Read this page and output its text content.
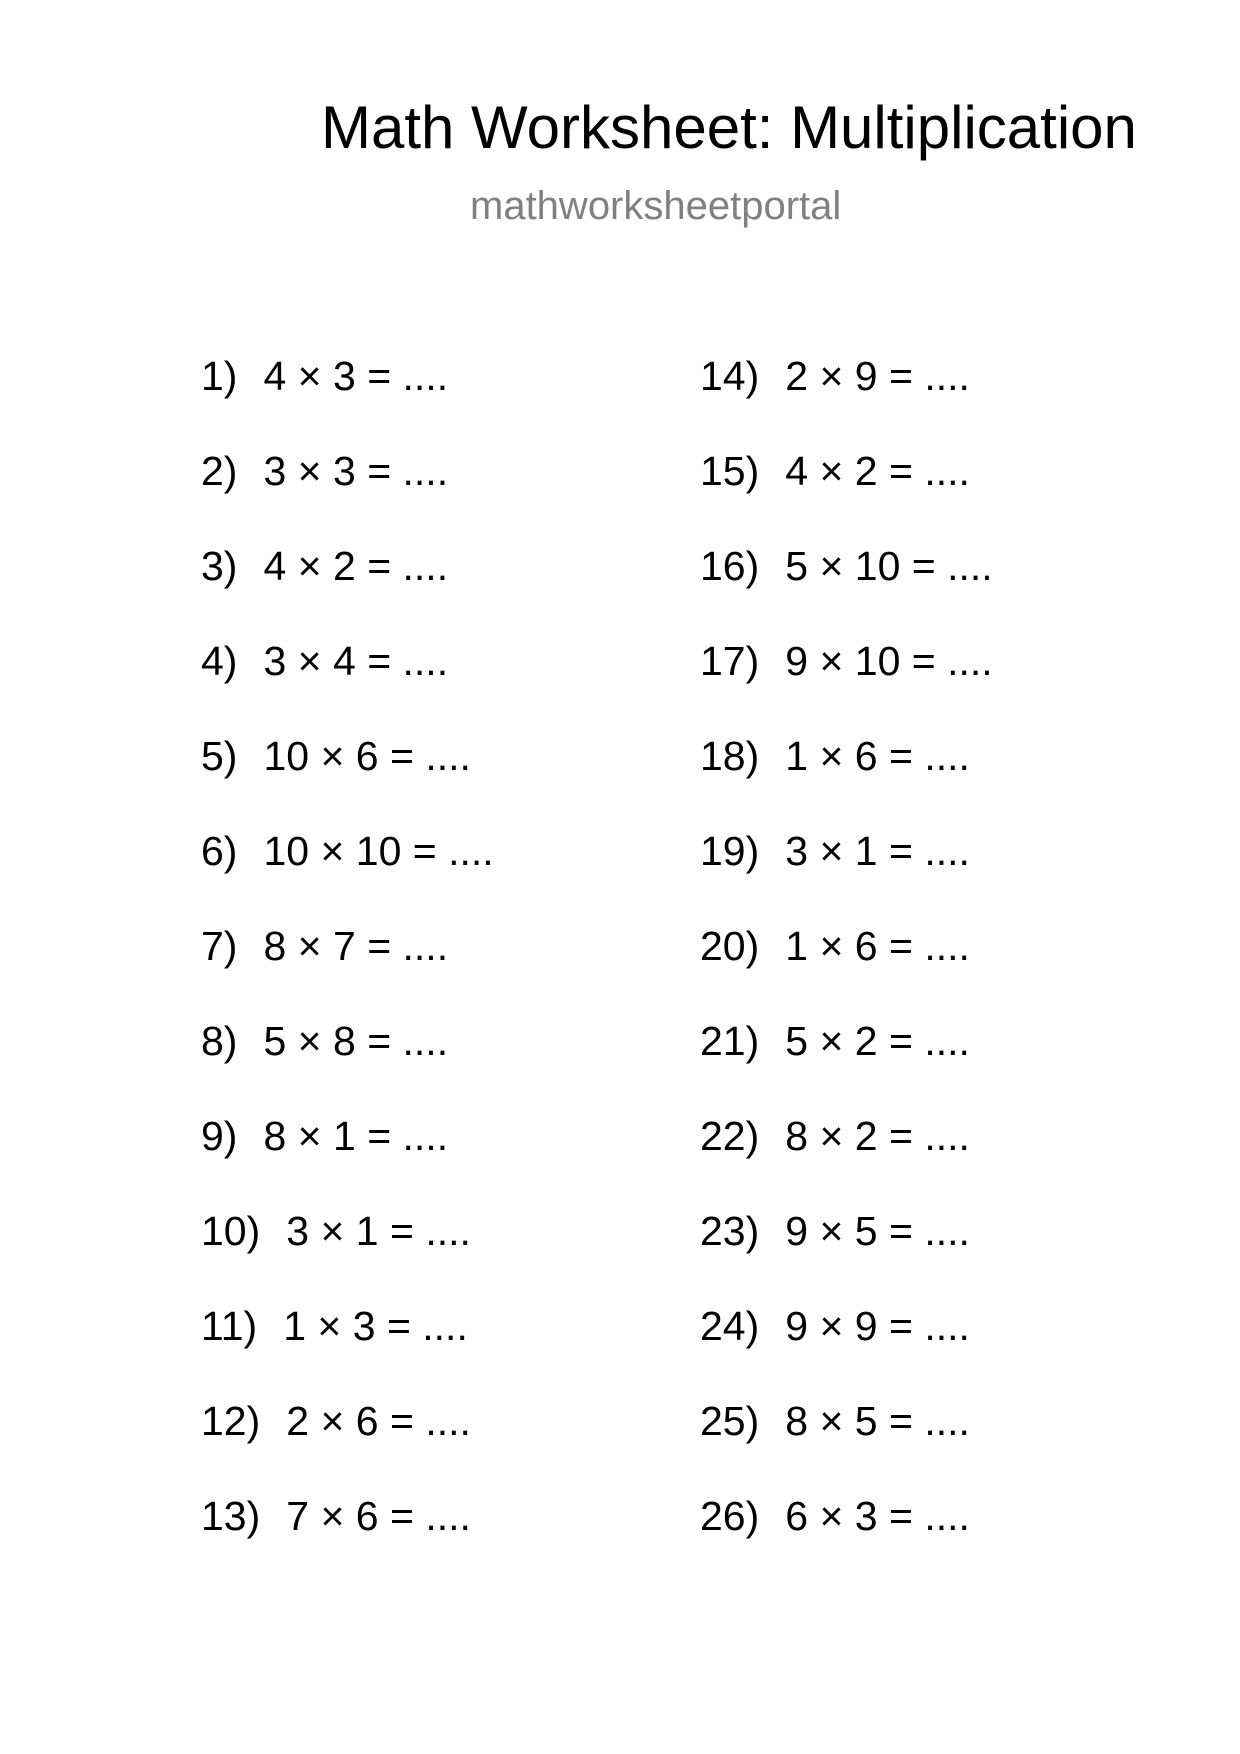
Math Worksheet: Multiplication
mathworksheetportal
1) 4 × 3 = ....
2) 3 × 3 = ....
3) 4 × 2 = ....
4) 3 × 4 = ....
5) 10 × 6 = ....
6) 10 × 10 = ....
7) 8 × 7 = ....
8) 5 × 8 = ....
9) 8 × 1 = ....
10) 3 × 1 = ....
11) 1 × 3 = ....
12) 2 × 6 = ....
13) 7 × 6 = ....
14) 2 × 9 = ....
15) 4 × 2 = ....
16) 5 × 10 = ....
17) 9 × 10 = ....
18) 1 × 6 = ....
19) 3 × 1 = ....
20) 1 × 6 = ....
21) 5 × 2 = ....
22) 8 × 2 = ....
23) 9 × 5 = ....
24) 9 × 9 = ....
25) 8 × 5 = ....
26) 6 × 3 = ....
